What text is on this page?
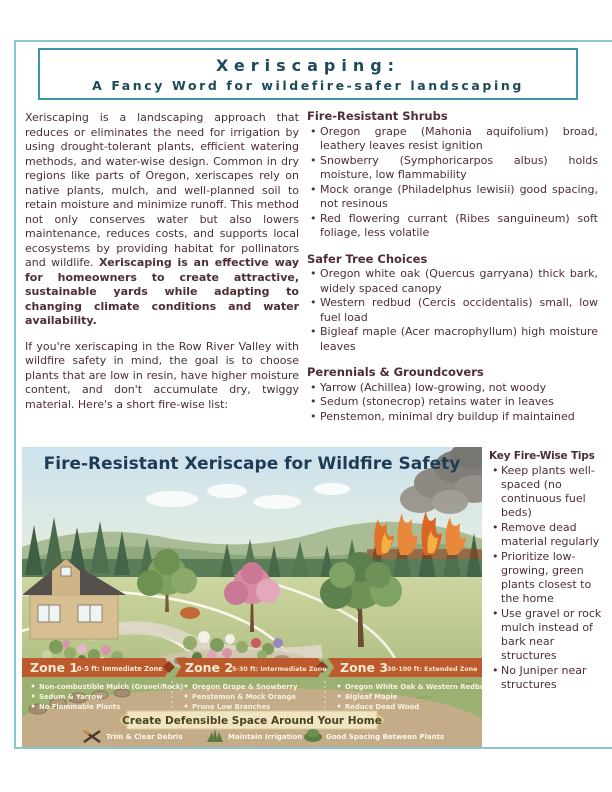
Xeriscaping:
A Fancy Word for wildefire-safer landscaping

Xeriscaping is a landscaping approach that reduces or eliminates the need for irrigation by using drought-tolerant plants, efficient watering methods, and water-wise design. Common in dry regions like parts of Oregon, xeriscapes rely on native plants, mulch, and well-planned soil to retain moisture and minimize runoff. This method not only conserves water but also lowers maintenance, reduces costs, and supports local ecosystems by providing habitat for pollinators and wildlife. Xeriscaping is an effective way for homeowners to create attractive, sustainable yards while adapting to changing climate conditions and water availability.

If you're xeriscaping in the Row River Valley with wildfire safety in mind, the goal is to choose plants that are low in resin, have higher moisture content, and don't accumulate dry, twiggy material. Here's a short fire-wise list:

Fire-Resistant Shrubs

• Oregon grape (Mahonia aquifolium) broad, leathery leaves resist ignition
• Snowberry (Symphoricarpos albus) holds moisture, low flammability
• Mock orange (Philadelphus lewisii) good spacing, not resinous
• Red flowering currant (Ribes sanguineum) soft foliage, less volatile

Safer Tree Choices

• Oregon white oak (Quercus garryana) thick bark, widely spaced canopy
• Western redbud (Cercis occidentalis) small, low fuel load
• Bigleaf maple (Acer macrophyllum) high moisture leaves

Perennials & Groundcovers

• Yarrow (Achillea) low-growing, not woody
• Sedum (stonecrop) retains water in leaves
• Penstemon, minimal dry buildup if maintained
Fire-Resistant Xeriscape for Wildfire Safety
Zone 1
0-5 ft: Immediate Zone Zone 2
5-30 ft: Intermediate Zone Zone 3
30-100 ft: Extended Zone
Non-combustible Mulch (Gravel/Rock)
Sedum & Yarrow
No Flammable Plants
Oregon Grape & Snowberry
Penstemon & Mock Orange
Prune Low Branches
Oregon White Oak & Western Redbud
Bigleaf Maple
Reduce Dead Wood
Create Defensible Space Around Your Home
Trim & Clear Debris	Maintain Irrigation	Good Spacing Between Plants

Key Fire-Wise Tips

• Keep plants well-spaced (no continuous fuel beds)
• Remove dead material regularly
• Prioritize low-growing, green plants closest to the home
• Use gravel or rock mulch instead of bark near structures
• No Juniper near structures
